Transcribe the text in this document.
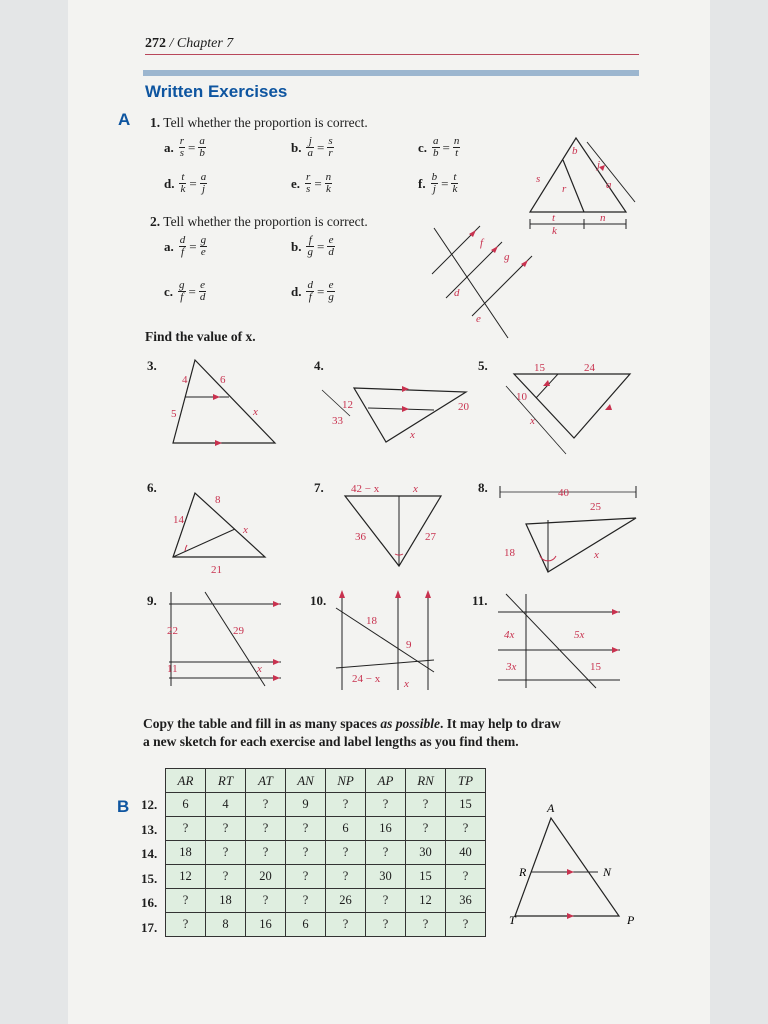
272 / Chapter 7
Written Exercises
A 1. Tell whether the proportion is correct.
a. $\frac{r}{s} = \frac{a}{b}$	b. $\frac{j}{a} = \frac{s}{r}$	c. $\frac{a}{b} = \frac{n}{t}$
d. $\frac{t}{k} = \frac{a}{j}$	e. $\frac{r}{s} = \frac{n}{k}$	f. $\frac{b}{j} = \frac{t}{k}$
2. Tell whether the proportion is correct.
a. $\frac{d}{f} = \frac{g}{e}$	b. $\frac{f}{g} = \frac{e}{d}$
c. $\frac{g}{f} = \frac{e}{d}$	d. $\frac{d}{f} = \frac{e}{g}$
b
j
s
r	a
t	n
k
f
g
d
e
Find the value of x.
3.
4	6
5	x
4.
12
33
20
x
5.	15	24
10
x
6.
8
14
x
21
7. 42 − x	x
36	27
8.	40
25
18	x
9.
22	29
11	x
10.
18
9
24 − x x
11.
4x	5x
3x	15
Copy the table and fill in as many spaces as possible. It may help to draw
a new sketch for each exercise and label lengths as you find them.
B 12.
13.
14.
15.
16.
17.
AR	RT	AT	AN	NP	AP	RN	TP
6	4	?	9	?	?	?	15
?	?	?	?	6	16	?	?
18	?	?	?	?	?	30	40
12	?	20	?	?	30	15	?
?	18	?	?	26	?	12	36
?	8	16	6	?	?	?	?
A
R	N
T	P
